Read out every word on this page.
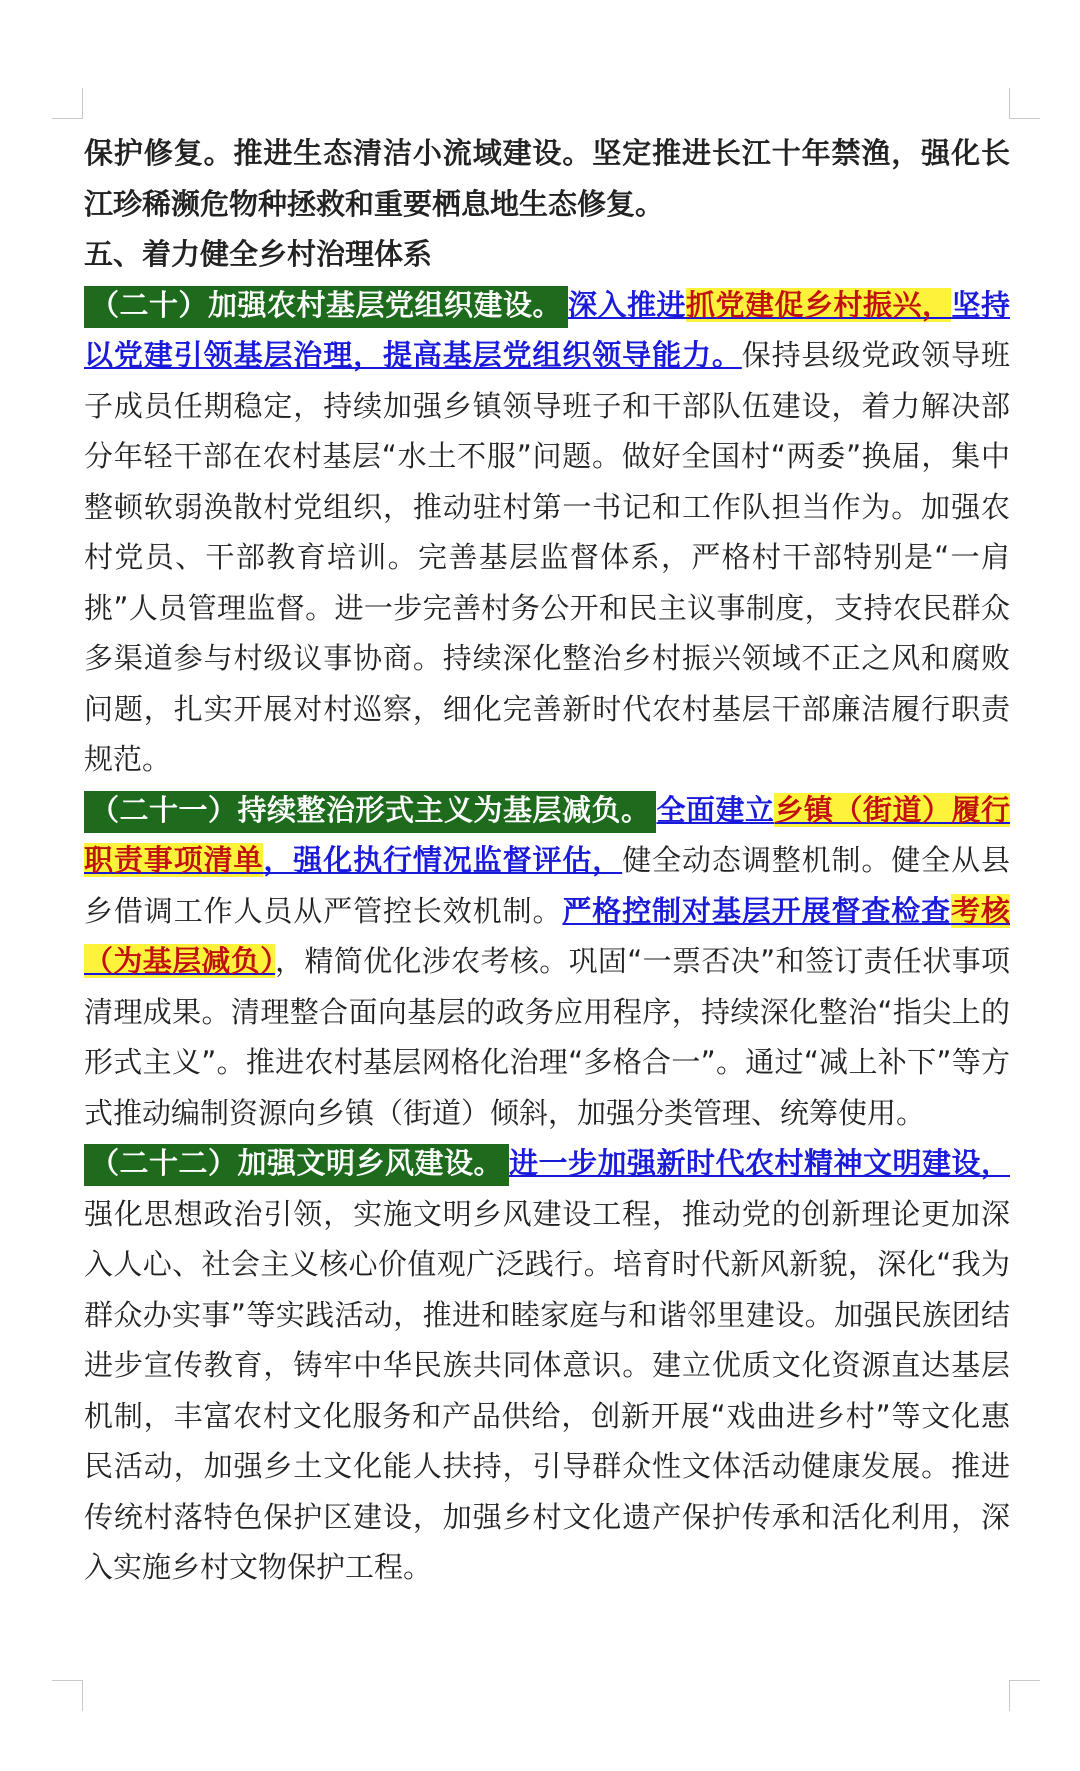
保护修复。推进生态清洁小流域建设。坚定推进长江十年禁渔，强化长江珍稀濒危物种拯救和重要栖息地生态修复。

五、着力健全乡村治理体系

（二十）加强农村基层党组织建设。 深入推进抓党建促乡村振兴，坚持以党建引领基层治理，提高基层党组织领导能力。保持县级党政领导班子成员任期稳定，持续加强乡镇领导班子和干部队伍建设，着力解决部分年轻干部在农村基层“水土不服”问题。做好全国村“两委”换届，集中整顿软弱涣散村党组织，推动驻村第一书记和工作队担当作为。加强农村党员、干部教育培训。完善基层监督体系，严格村干部特别是“一肩挑”人员管理监督。进一步完善村务公开和民主议事制度，支持农民群众多渠道参与村级议事协商。持续深化整治乡村振兴领域不正之风和腐败问题，扎实开展对村巡察，细化完善新时代农村基层干部廉洁履行职责规范。

（二十一）持续整治形式主义为基层减负。 全面建立乡镇（街道）履行职责事项清单，强化执行情况监督评估，健全动态调整机制。健全从县乡借调工作人员从严管控长效机制。严格控制对基层开展督查检查考核（为基层减负），精简优化涉农考核。巩固“一票否决”和签订责任状事项清理成果。清理整合面向基层的政务应用程序，持续深化整治“指尖上的形式主义”。推进农村基层网格化治理“多格合一”。通过“减上补下”等方式推动编制资源向乡镇（街道）倾斜，加强分类管理、统筹使用。

（二十二）加强文明乡风建设。 进一步加强新时代农村精神文明建设，强化思想政治引领，实施文明乡风建设工程，推动党的创新理论更加深入人心、社会主义核心价值观广泛践行。培育时代新风新貌，深化“我为群众办实事”等实践活动，推进和睦家庭与和谐邻里建设。加强民族团结进步宣传教育，铸牢中华民族共同体意识。建立优质文化资源直达基层机制，丰富农村文化服务和产品供给，创新开展“戏曲进乡村”等文化惠民活动，加强乡土文化能人扶持，引导群众性文体活动健康发展。推进传统村落特色保护区建设，加强乡村文化遗产保护传承和活化利用，深入实施乡村文物保护工程。
